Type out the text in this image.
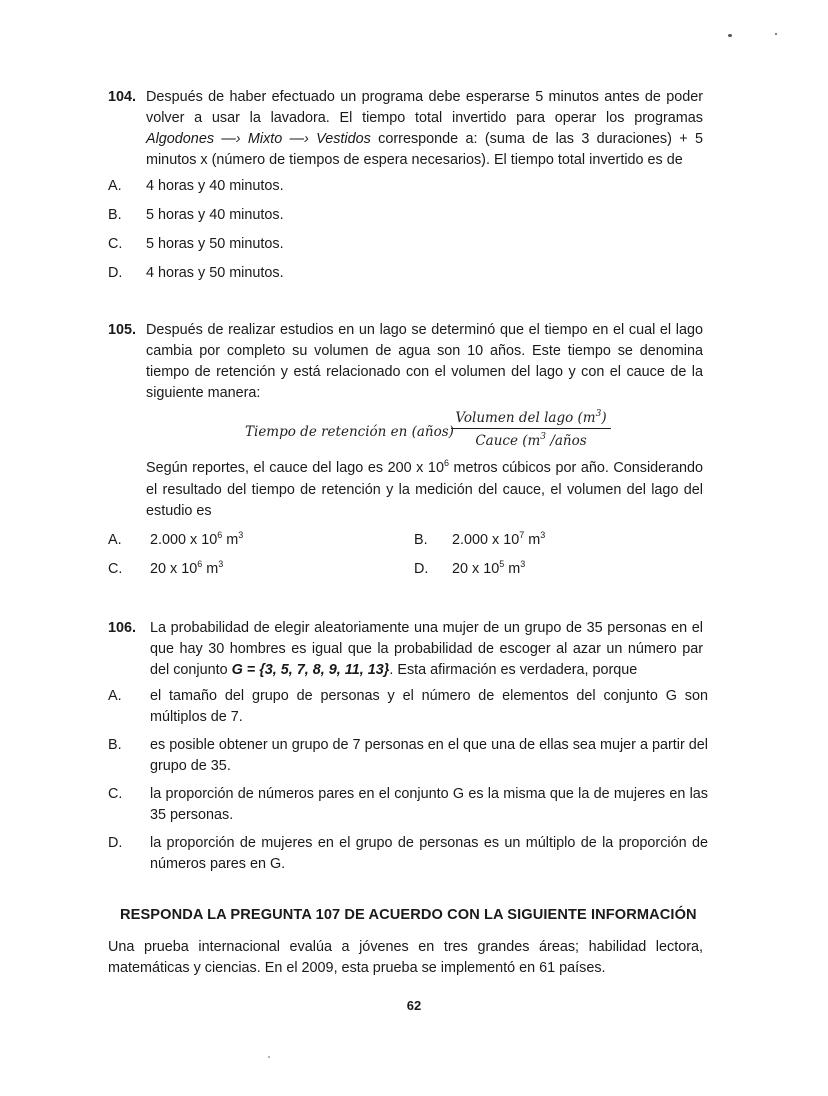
104. Después de haber efectuado un programa debe esperarse 5 minutos antes de poder volver a usar la lavadora. El tiempo total invertido para operar los programas Algodones —› Mixto —› Vestidos corresponde a: (suma de las 3 duraciones) + 5 minutos x (número de tiempos de espera necesarios). El tiempo total invertido es de
A. 4 horas y 40 minutos.
B. 5 horas y 40 minutos.
C. 5 horas y 50 minutos.
D. 4 horas y 50 minutos.
105. Después de realizar estudios en un lago se determinó que el tiempo en el cual el lago cambia por completo su volumen de agua son 10 años. Este tiempo se denomina tiempo de retención y está relacionado con el volumen del lago y con el cauce de la siguiente manera:
Tiempo de retención en (años)
Volumen del lago $(m^3)$
Cauce ($m^3$ /años
Según reportes, el cauce del lago es 200 x $10^6$ metros cúbicos por año. Considerando el resultado del tiempo de retención y la medición del cauce, el volumen del lago del estudio es
A. 2.000 x $10^6$ $m^3$	B. 2.000 x $10^7$ $m^3$
C. 20 x $10^6$ $m^3$	D. 20 x $10^5$ $m^3$
106. La probabilidad de elegir aleatoriamente una mujer de un grupo de 35 personas en el que hay 30 hombres es igual que la probabilidad de escoger al azar un número par del conjunto G = {3, 5, 7, 8, 9, 11, 13}. Esta afirmación es verdadera, porque
A. el tamaño del grupo de personas y el número de elementos del conjunto G son múltiplos de 7.
B. es posible obtener un grupo de 7 personas en el que una de ellas sea mujer a partir del grupo de 35.
C. la proporción de números pares en el conjunto G es la misma que la de mujeres en las 35 personas.
D. la proporción de mujeres en el grupo de personas es un múltiplo de la proporción de números pares en G.
RESPONDA LA PREGUNTA 107 DE ACUERDO CON LA SIGUIENTE INFORMACIÓN
Una prueba internacional evalúa a jóvenes en tres grandes áreas; habilidad lectora, matemáticas y ciencias. En el 2009, esta prueba se implementó en 61 países.
62
